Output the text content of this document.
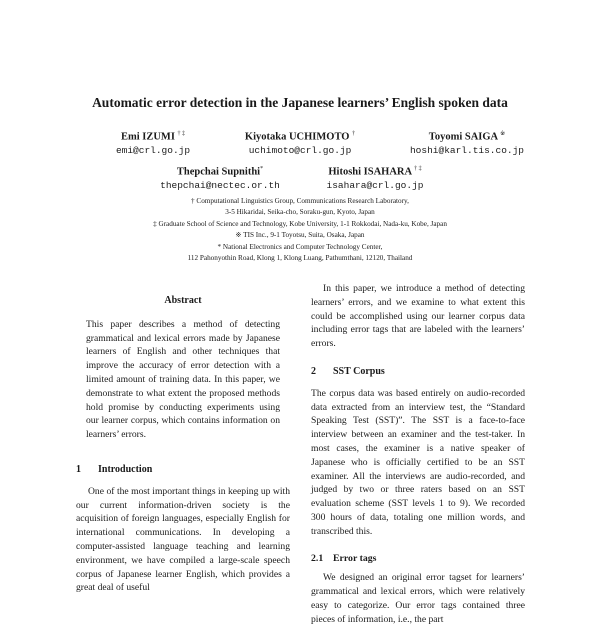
Automatic error detection in the Japanese learners’ English spoken data
Emi IZUMI † ‡
emi@crl.go.jp
Kiyotaka UCHIMOTO †
uchimoto@crl.go.jp
Toyomi SAIGA ※
hoshi@karl.tis.co.jp
Thepchai Supnithi*
thepchai@nectec.or.th
Hitoshi ISAHARA † ‡
isahara@crl.go.jp
† Computational Linguistics Group, Communications Research Laboratory,
3-5 Hikaridai, Seika-cho, Soraku-gun, Kyoto, Japan
‡ Graduate School of Science and Technology, Kobe University, 1-1 Rokkodai, Nada-ku, Kobe, Japan
※ TIS Inc., 9-1 Toyotsu, Suita, Osaka, Japan
* National Electronics and Computer Technology Center,
112 Pahonyothin Road, Klong 1, Klong Luang, Pathumthani, 12120, Thailand
Abstract

This paper describes a method of detecting grammatical and lexical errors made by Japanese learners of English and other techniques that improve the accuracy of error detection with a limited amount of training data. In this paper, we demonstrate to what extent the proposed methods hold promise by conducting experiments using our learner corpus, which contains information on learners’ errors.

1 Introduction

One of the most important things in keeping up with our current information-driven society is the acquisition of foreign languages, especially English for international communications. In developing a computer-assisted language teaching and learning environment, we have compiled a large-scale speech corpus of Japanese learner English, which provides a great deal of useful

In this paper, we introduce a method of detecting learners’ errors, and we examine to what extent this could be accomplished using our learner corpus data including error tags that are labeled with the learners’ errors.

2 SST Corpus

The corpus data was based entirely on audio-recorded data extracted from an interview test, the “Standard Speaking Test (SST)”. The SST is a face-to-face interview between an examiner and the test-taker. In most cases, the examiner is a native speaker of Japanese who is officially certified to be an SST examiner. All the interviews are audio-recorded, and judged by two or three raters based on an SST evaluation scheme (SST levels 1 to 9). We recorded 300 hours of data, totaling one million words, and transcribed this.

2.1 Error tags

We designed an original error tagset for learners’ grammatical and lexical errors, which were relatively easy to categorize. Our error tags contained three pieces of information, i.e., the part
